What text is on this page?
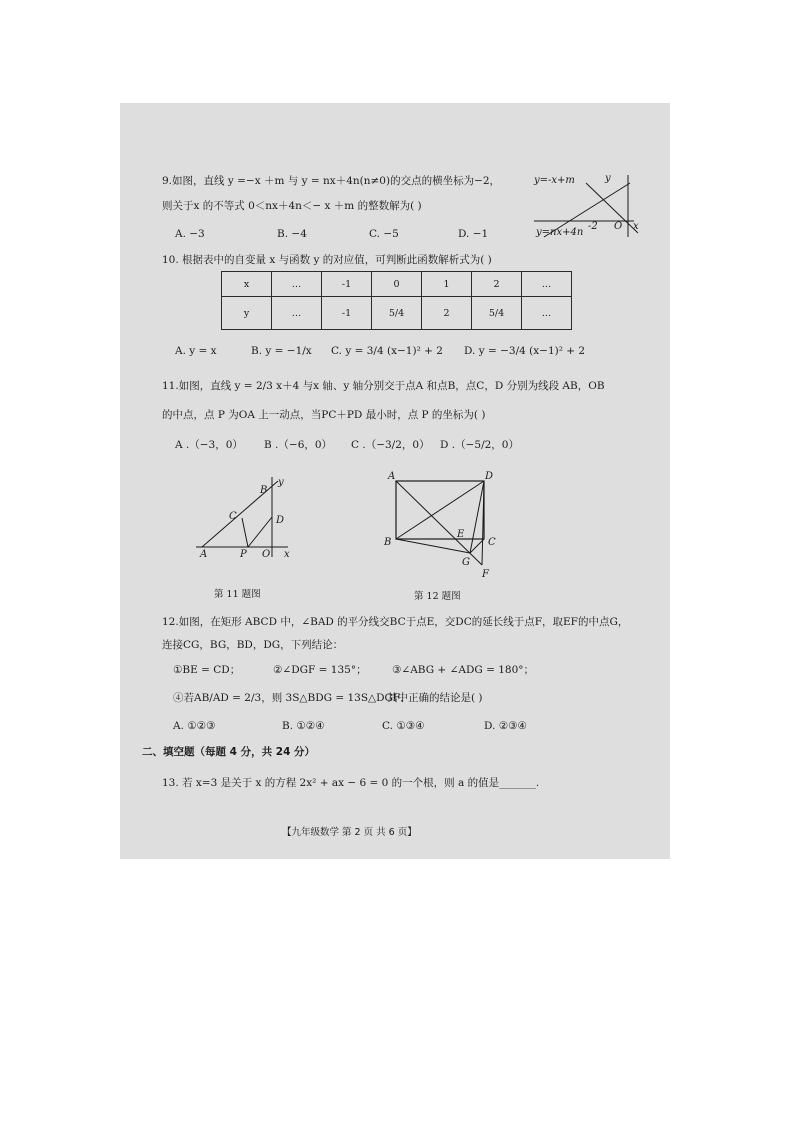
9.如图，直线 y =−x ＋m 与 y = nx＋4n(n≠0)的交点的横坐标为−2，
则关于x 的不等式 0＜nx＋4n＜− x ＋m 的整数解为( )
A. −3	B. −4	C. −5	D. −1
y=-x+m
y=nx+4n
y
-2 O x
10. 根据表中的自变量 x 与函数 y 的对应值，可判断此函数解析式为( )
x	…	-1	0	1	2	…
y	…	-1	5/4	2	5/4	…
A. y = x	B. y = −1/x C. y = 3/4 (x−1)² + 2 D. y = −3/4 (x−1)² + 2
11.如图，直线 y = 2/3 x＋4 与x 轴、y 轴分别交于点A 和点B，点C，D 分别为线段 AB，OB
的中点，点 P 为OA 上一动点，当PC＋PD 最小时，点 P 的坐标为( )
A .（−3，0） B .（−6，0） C .（−3/2，0） D .（−5/2，0）
A
B
C	D
P O x
y
第 11 题图
A	D
B	C
E
G
F
第 12 题图
12.如图，在矩形 ABCD 中，∠BAD 的平分线交BC于点E，交DC的延长线于点F，取EF的中点G，
连接CG，BG，BD，DG，下列结论：
①BE = CD；	②∠DGF = 135°； ③∠ABG + ∠ADG = 180°；
④若AB/AD = 2/3，则 3S△BDG = 13S△DGF．
其中正确的结论是( )
A. ①②③	B. ①②④	C. ①③④	D. ②③④
二、填空题（每题 4 分，共 24 分）
13. 若 x=3 是关于 x 的方程 2x² + ax − 6 = 0 的一个根，则 a 的值是_______.
【九年级数学 第 2 页 共 6 页】
